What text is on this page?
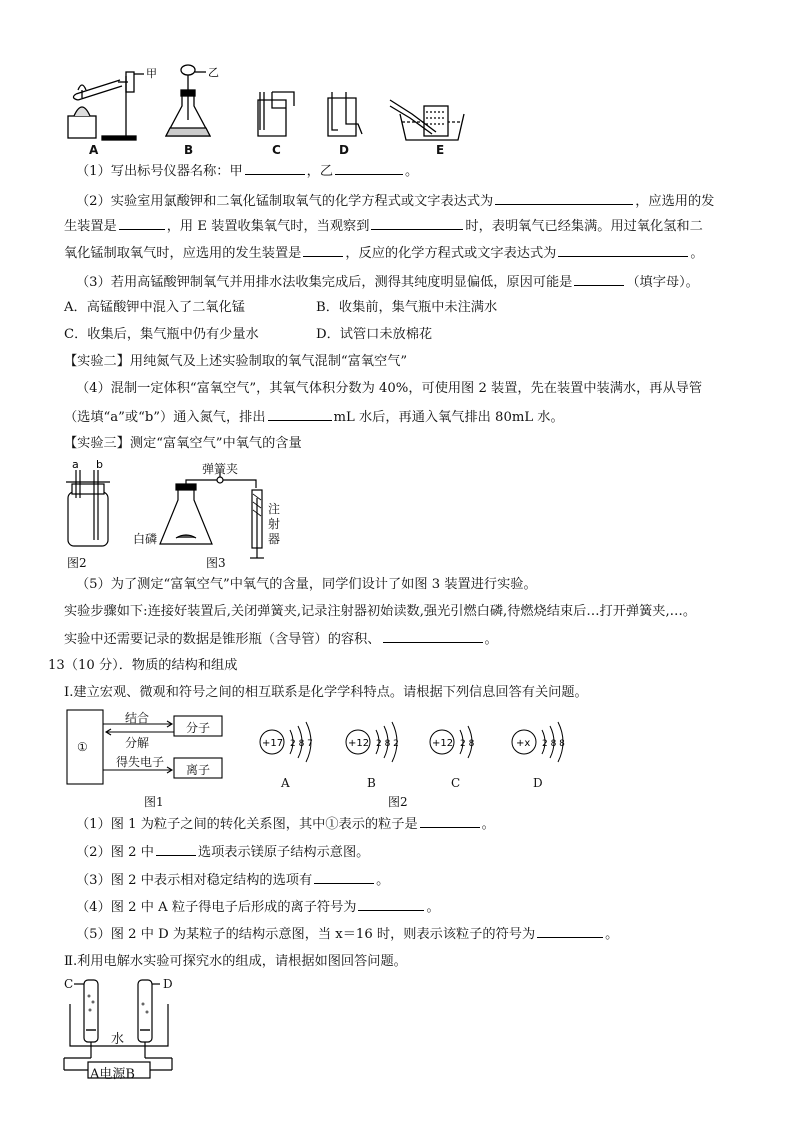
甲	乙
A	B	C	D	E
（1）写出标号仪器名称：甲	，乙	。
（2）实验室用氯酸钾和二氧化锰制取氧气的化学方程式或文字表达式为	，应选用的发
生装置是	，用 E 装置收集氧气时，当观察到	时，表明氧气已经集满。用过氧化氢和二
氧化锰制取氧气时，应选用的发生装置是	，反应的化学方程式或文字表达式为	。
（3）若用高锰酸钾制氧气并用排水法收集完成后，测得其纯度明显偏低，原因可能是	（填字母）。
A．高锰酸钾中混入了二氧化锰	B．收集前，集气瓶中未注满水
C．收集后，集气瓶中仍有少量水	D．试管口未放棉花
【实验二】用纯氮气及上述实验制取的氧气混制“富氧空气”
（4）混制一定体积“富氧空气”，其氧气体积分数为 40%，可使用图 2 装置，先在装置中装满水，再从导管
（选填“a”或“b”）通入氮气，排出	mL 水后，再通入氧气排出 80mL 水。
【实验三】测定“富氧空气”中氧气的含量
a b	弹簧夹
白磷
注
射
器
图2	图3
（5）为了测定“富氧空气”中氧气的含量，同学们设计了如图 3 装置进行实验。
实验步骤如下:连接好装置后,关闭弹簧夹,记录注射器初始读数,强光引燃白磷,待燃烧结束后…打开弹簧夹,…。
实验中还需要记录的数据是锥形瓶（含导管）的容积、	。
13（10 分）．物质的结构和组成
Ⅰ.建立宏观、微观和符号之间的相互联系是化学学科特点。请根据下列信息回答有关问题。
①
结合
分解
得失电子
分子
离子
图1
+17 2 8 7	+12 2 8 2	+12 2 8	+x 2 8 8
A	B	C	D
图2
（1）图 1 为粒子之间的转化关系图，其中①表示的粒子是	。
（2）图 2 中	选项表示镁原子结构示意图。
（3）图 2 中表示相对稳定结构的选项有	。
（4）图 2 中 A 粒子得电子后形成的离子符号为	。
（5）图 2 中 D 为某粒子的结构示意图，当 x＝16 时，则表示该粒子的符号为	。
Ⅱ.利用电解水实验可探究水的组成，请根据如图回答问题。
C	D
水
A电源B
